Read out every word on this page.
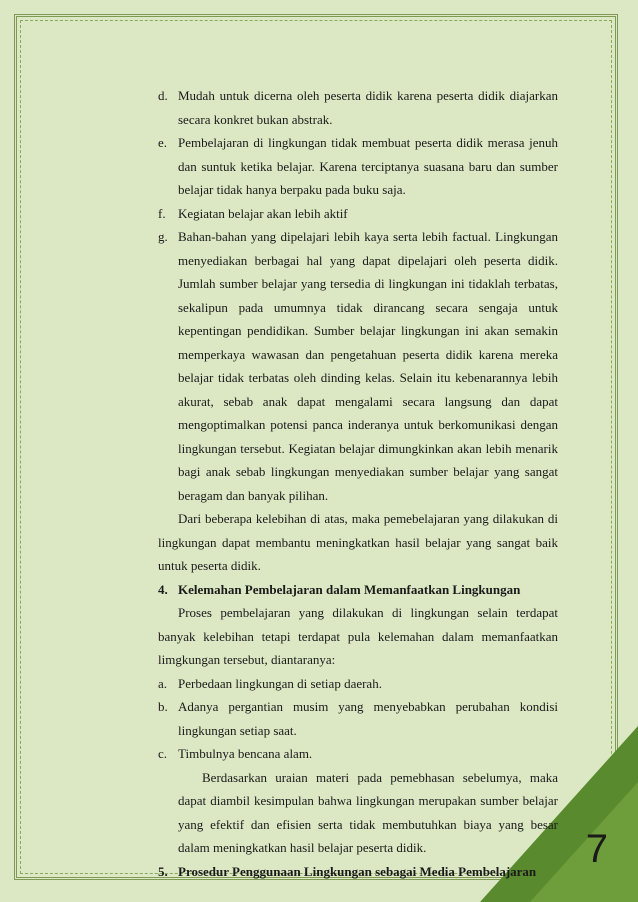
7
d. Mudah untuk dicerna oleh peserta didik karena peserta didik diajarkan secara konkret bukan abstrak.
e. Pembelajaran di lingkungan tidak membuat peserta didik merasa jenuh dan suntuk ketika belajar. Karena terciptanya suasana baru dan sumber belajar tidak hanya berpaku pada buku saja.
f. Kegiatan belajar akan lebih aktif
g. Bahan-bahan yang dipelajari lebih kaya serta lebih factual. Lingkungan menyediakan berbagai hal yang dapat dipelajari oleh peserta didik. Jumlah sumber belajar yang tersedia di lingkungan ini tidaklah terbatas, sekalipun pada umumnya tidak dirancang secara sengaja untuk kepentingan pendidikan. Sumber belajar lingkungan ini akan semakin memperkaya wawasan dan pengetahuan peserta didik karena mereka belajar tidak terbatas oleh dinding kelas. Selain itu kebenarannya lebih akurat, sebab anak dapat mengalami secara langsung dan dapat mengoptimalkan potensi panca inderanya untuk berkomunikasi dengan lingkungan tersebut. Kegiatan belajar dimungkinkan akan lebih menarik bagi anak sebab lingkungan menyediakan sumber belajar yang sangat beragam dan banyak pilihan.

Dari beberapa kelebihan di atas, maka pemebelajaran yang dilakukan di lingkungan dapat membantu meningkatkan hasil belajar yang sangat baik untuk peserta didik.

4. Kelemahan Pembelajaran dalam Memanfaatkan Lingkungan

Proses pembelajaran yang dilakukan di lingkungan selain terdapat banyak kelebihan tetapi terdapat pula kelemahan dalam memanfaatkan limgkungan tersebut, diantaranya:

a. Perbedaan lingkungan di setiap daerah.
b. Adanya pergantian musim yang menyebabkan perubahan kondisi lingkungan setiap saat.
c. Timbulnya bencana alam.

Berdasarkan uraian materi pada pemebhasan sebelumya, maka dapat diambil kesimpulan bahwa lingkungan merupakan sumber belajar yang efektif dan efisien serta tidak membutuhkan biaya yang besar dalam meningkatkan hasil belajar peserta didik.

5. Prosedur Penggunaan Lingkungan sebagai Media Pembelajaran
